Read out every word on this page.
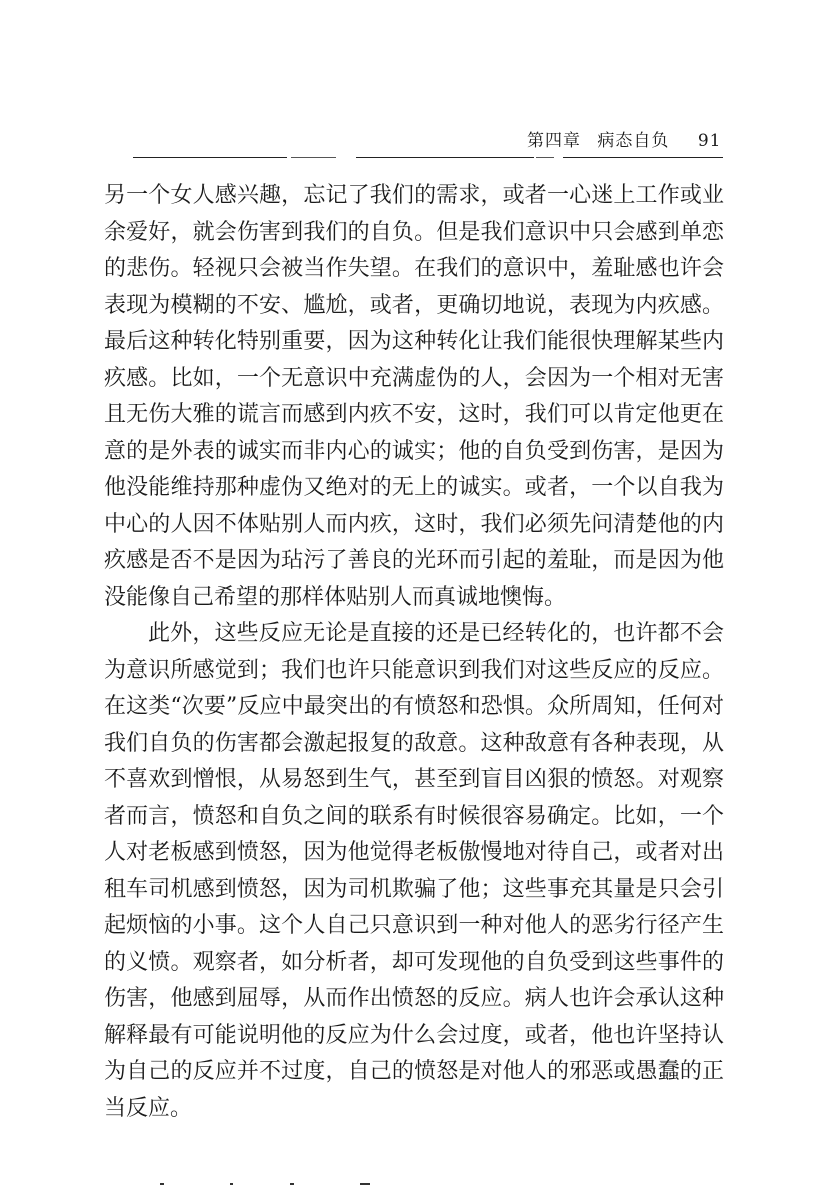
第四章 病态自负 91

另一个女人感兴趣，忘记了我们的需求，或者一心迷上工作或业余爱好，就会伤害到我们的自负。但是我们意识中只会感到单恋的悲伤。轻视只会被当作失望。在我们的意识中，羞耻感也许会表现为模糊的不安、尴尬，或者，更确切地说，表现为内疚感。最后这种转化特别重要，因为这种转化让我们能很快理解某些内疚感。比如，一个无意识中充满虚伪的人，会因为一个相对无害且无伤大雅的谎言而感到内疚不安，这时，我们可以肯定他更在意的是外表的诚实而非内心的诚实；他的自负受到伤害，是因为他没能维持那种虚伪又绝对的无上的诚实。或者，一个以自我为中心的人因不体贴别人而内疚，这时，我们必须先问清楚他的内疚感是否不是因为玷污了善良的光环而引起的羞耻，而是因为他没能像自己希望的那样体贴别人而真诚地懊悔。

此外，这些反应无论是直接的还是已经转化的，也许都不会为意识所感觉到；我们也许只能意识到我们对这些反应的反应。在这类“次要”反应中最突出的有愤怒和恐惧。众所周知，任何对我们自负的伤害都会激起报复的敌意。这种敌意有各种表现，从不喜欢到憎恨，从易怒到生气，甚至到盲目凶狠的愤怒。对观察者而言，愤怒和自负之间的联系有时候很容易确定。比如，一个人对老板感到愤怒，因为他觉得老板傲慢地对待自己，或者对出租车司机感到愤怒，因为司机欺骗了他；这些事充其量是只会引起烦恼的小事。这个人自己只意识到一种对他人的恶劣行径产生的义愤。观察者，如分析者，却可发现他的自负受到这些事件的伤害，他感到屈辱，从而作出愤怒的反应。病人也许会承认这种解释最有可能说明他的反应为什么会过度，或者，他也许坚持认为自己的反应并不过度，自己的愤怒是对他人的邪恶或愚蠢的正当反应。
